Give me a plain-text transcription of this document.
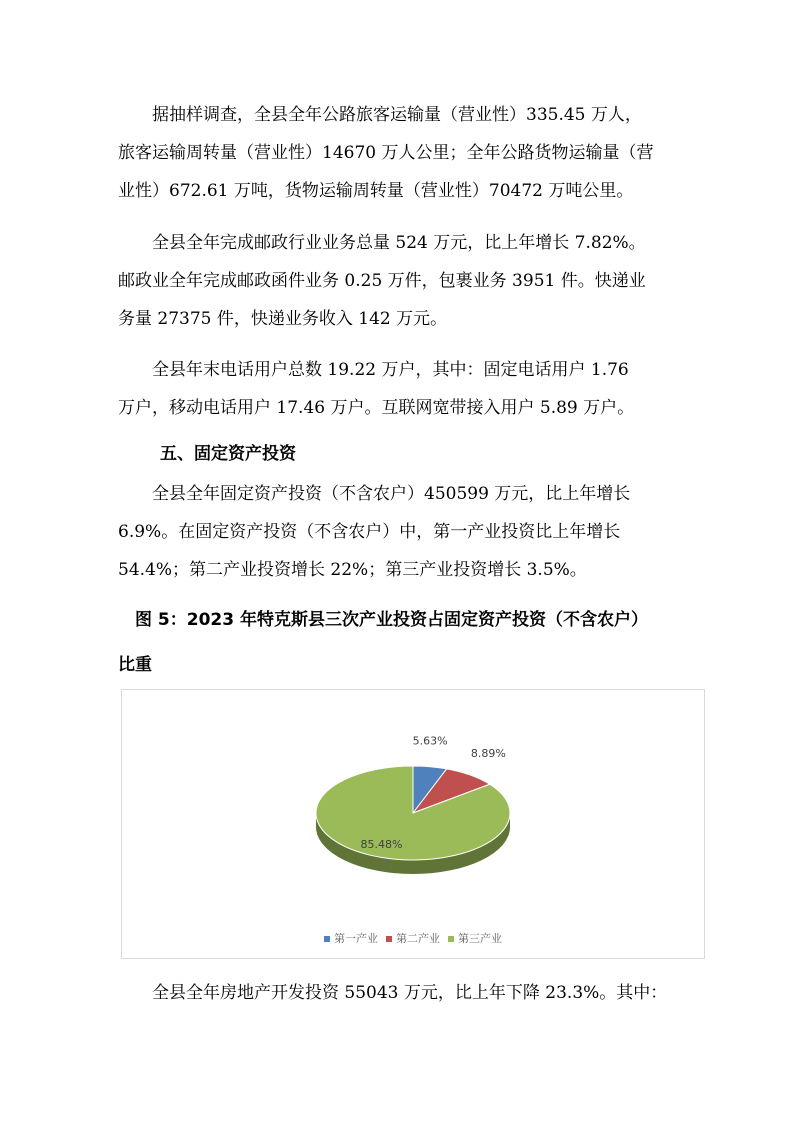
　　据抽样调查，全县全年公路旅客运输量（营业性）335.45 万人，
旅客运输周转量（营业性）14670 万人公里；全年公路货物运输量（营
业性）672.61 万吨，货物运输周转量（营业性）70472 万吨公里。
　　全县全年完成邮政行业业务总量 524 万元，比上年增长 7.82%。
邮政业全年完成邮政函件业务 0.25 万件，包裹业务 3951 件。快递业
务量 27375 件，快递业务收入 142 万元。
　　全县年末电话用户总数 19.22 万户，其中：固定电话用户 1.76
万户，移动电话用户 17.46 万户。互联网宽带接入用户 5.89 万户。
五、固定资产投资
　　全县全年固定资产投资（不含农户）450599 万元，比上年增长
6.9%。在固定资产投资（不含农户）中，第一产业投资比上年增长
54.4%；第二产业投资增长 22%；第三产业投资增长 3.5%。
　图 5：2023 年特克斯县三次产业投资占固定资产投资（不含农户）
比重
5.63%
8.89%
85.48%
第一产业 第二产业 第三产业
　　全县全年房地产开发投资 55043 万元，比上年下降 23.3%。其中：
